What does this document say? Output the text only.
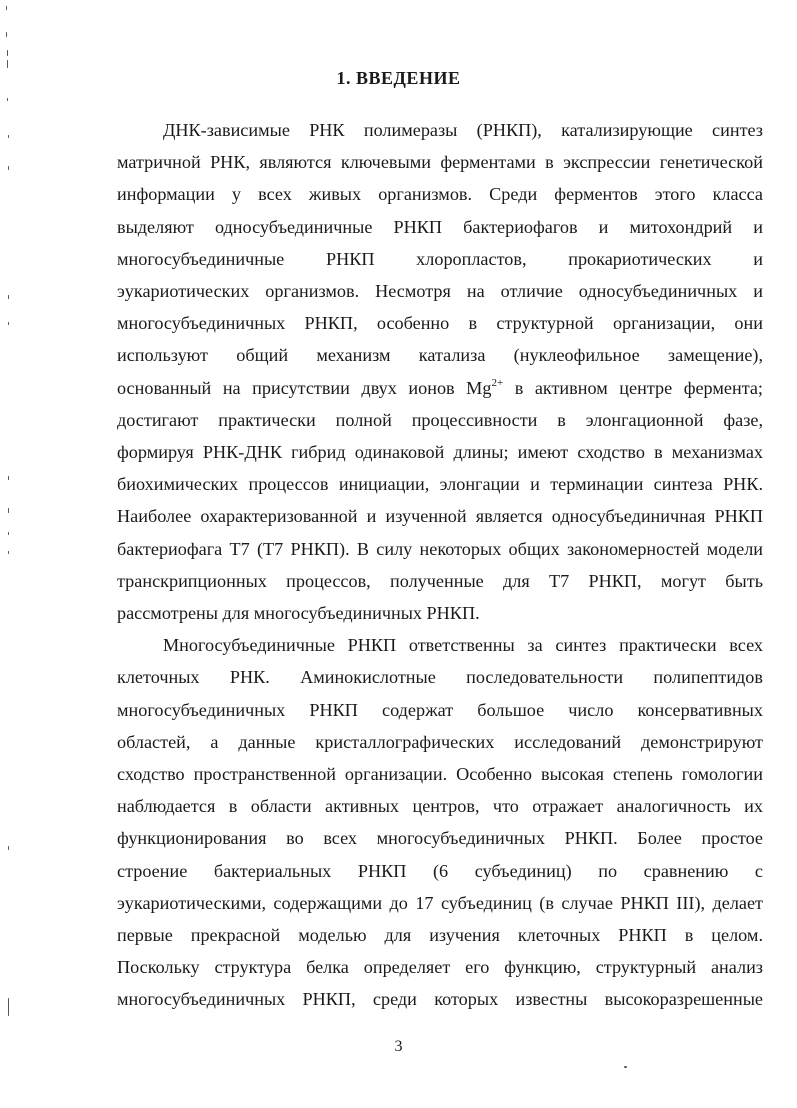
1. ВВЕДЕНИЕ
ДНК-зависимые РНК полимеразы (РНКП), катализирующие синтез
матричной РНК, являются ключевыми ферментами в экспрессии генетической
информации у всех живых организмов. Среди ферментов этого класса
выделяют односубъединичные РНКП бактериофагов и митохондрий и
многосубъединичные РНКП хлоропластов, прокариотических и
эукариотических организмов. Несмотря на отличие односубъединичных и
многосубъединичных РНКП, особенно в структурной организации, они
используют общий механизм катализа (нуклеофильное замещение),
основанный на присутствии двух ионов $Mg^{2+}$ в активном центре фермента;
достигают практически полной процессивности в элонгационной фазе,
формируя РНК-ДНК гибрид одинаковой длины; имеют сходство в механизмах
биохимических процессов инициации, элонгации и терминации синтеза РНК.
Наиболее охарактеризованной и изученной является односубъединичная РНКП
бактериофага Т7 (Т7 РНКП). В силу некоторых общих закономерностей модели
транскрипционных процессов, полученные для Т7 РНКП, могут быть
рассмотрены для многосубъединичных РНКП.
Многосубъединичные РНКП ответственны за синтез практически всех
клеточных РНК. Аминокислотные последовательности полипептидов
многосубъединичных РНКП содержат большое число консервативных
областей, а данные кристаллографических исследований демонстрируют
сходство пространственной организации. Особенно высокая степень гомологии
наблюдается в области активных центров, что отражает аналогичность их
функционирования во всех многосубъединичных РНКП. Более простое
строение бактериальных РНКП (6 субъединиц) по сравнению с
эукариотическими, содержащими до 17 субъединиц (в случае РНКП III), делает
первые прекрасной моделью для изучения клеточных РНКП в целом.
Поскольку структура белка определяет его функцию, структурный анализ
многосубъединичных РНКП, среди которых известны высокоразрешенные
3
